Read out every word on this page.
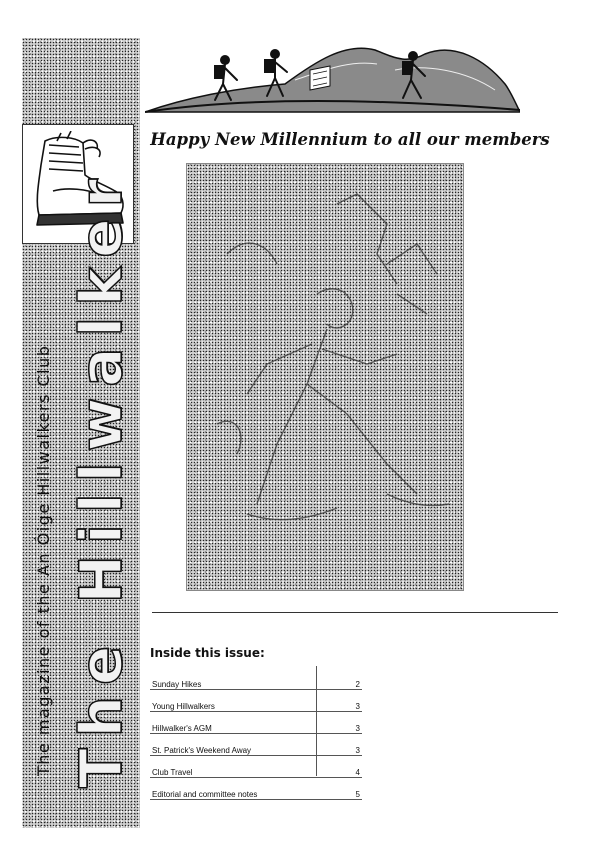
The Hillwalker
The magazine of the An Óige Hillwalkers Club
Happy New Millennium to all our members
Inside this issue:
Sunday Hikes	2
Young Hillwalkers	3
Hillwalker's AGM	3
St. Patrick's Weekend Away	3
Club Travel	4
Editorial and committee notes	5
